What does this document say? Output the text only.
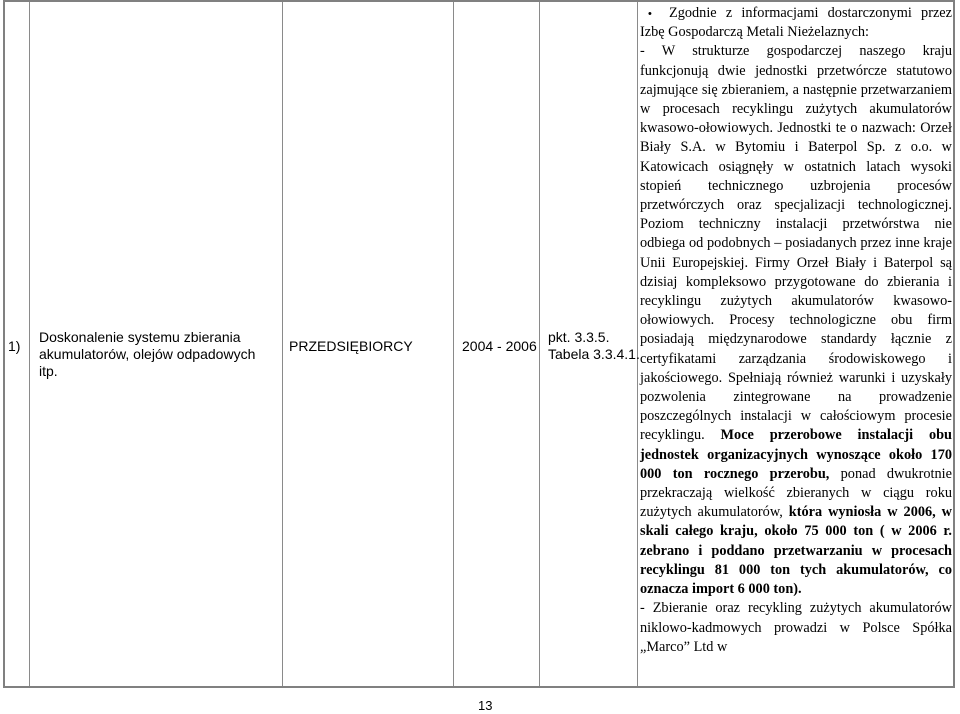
1)
Doskonalenie systemu zbierania akumulatorów, olejów odpadowych itp.
PRZEDSIĘBIORCY	2004 - 2006
pkt. 3.3.5.
Tabela 3.3.4.1.
•	Zgodnie z informacjami dostarczonymi przez Izbę Gospodarczą Metali Nieżelaznych:

- W strukturze gospodarczej naszego kraju funkcjonują dwie jednostki przetwórcze statutowo zajmujące się zbieraniem, a następnie przetwarzaniem w procesach recyklingu zużytych akumulatorów kwasowo-ołowiowych. Jednostki te o nazwach: Orzeł Biały S.A. w Bytomiu i Baterpol Sp. z o.o. w Katowicach osiągnęły w ostatnich latach wysoki stopień technicznego uzbrojenia procesów przetwórczych oraz specjalizacji technologicznej. Poziom techniczny instalacji przetwórstwa nie odbiega od podobnych – posiadanych przez inne kraje Unii Europejskiej. Firmy Orzeł Biały i Baterpol są dzisiaj kompleksowo przygotowane do zbierania i recyklingu zużytych akumulatorów kwasowo-ołowiowych. Procesy technologiczne obu firm posiadają międzynarodowe standardy łącznie z certyfikatami zarządzania środowiskowego i jakościowego. Spełniają również warunki i uzyskały pozwolenia zintegrowane na prowadzenie poszczególnych instalacji w całościowym procesie recyklingu. Moce przerobowe instalacji obu jednostek organizacyjnych wynoszące około 170 000 ton rocznego przerobu, ponad dwukrotnie przekraczają wielkość zbieranych w ciągu roku zużytych akumulatorów, która wyniosła w 2006, w skali całego kraju, około 75 000 ton ( w 2006 r. zebrano i poddano przetwarzaniu w procesach recyklingu 81 000 ton tych akumulatorów, co oznacza import 6 000 ton).

- Zbieranie oraz recykling zużytych akumulatorów niklowo-kadmowych prowadzi w Polsce Spółka „Marco” Ltd w

13
